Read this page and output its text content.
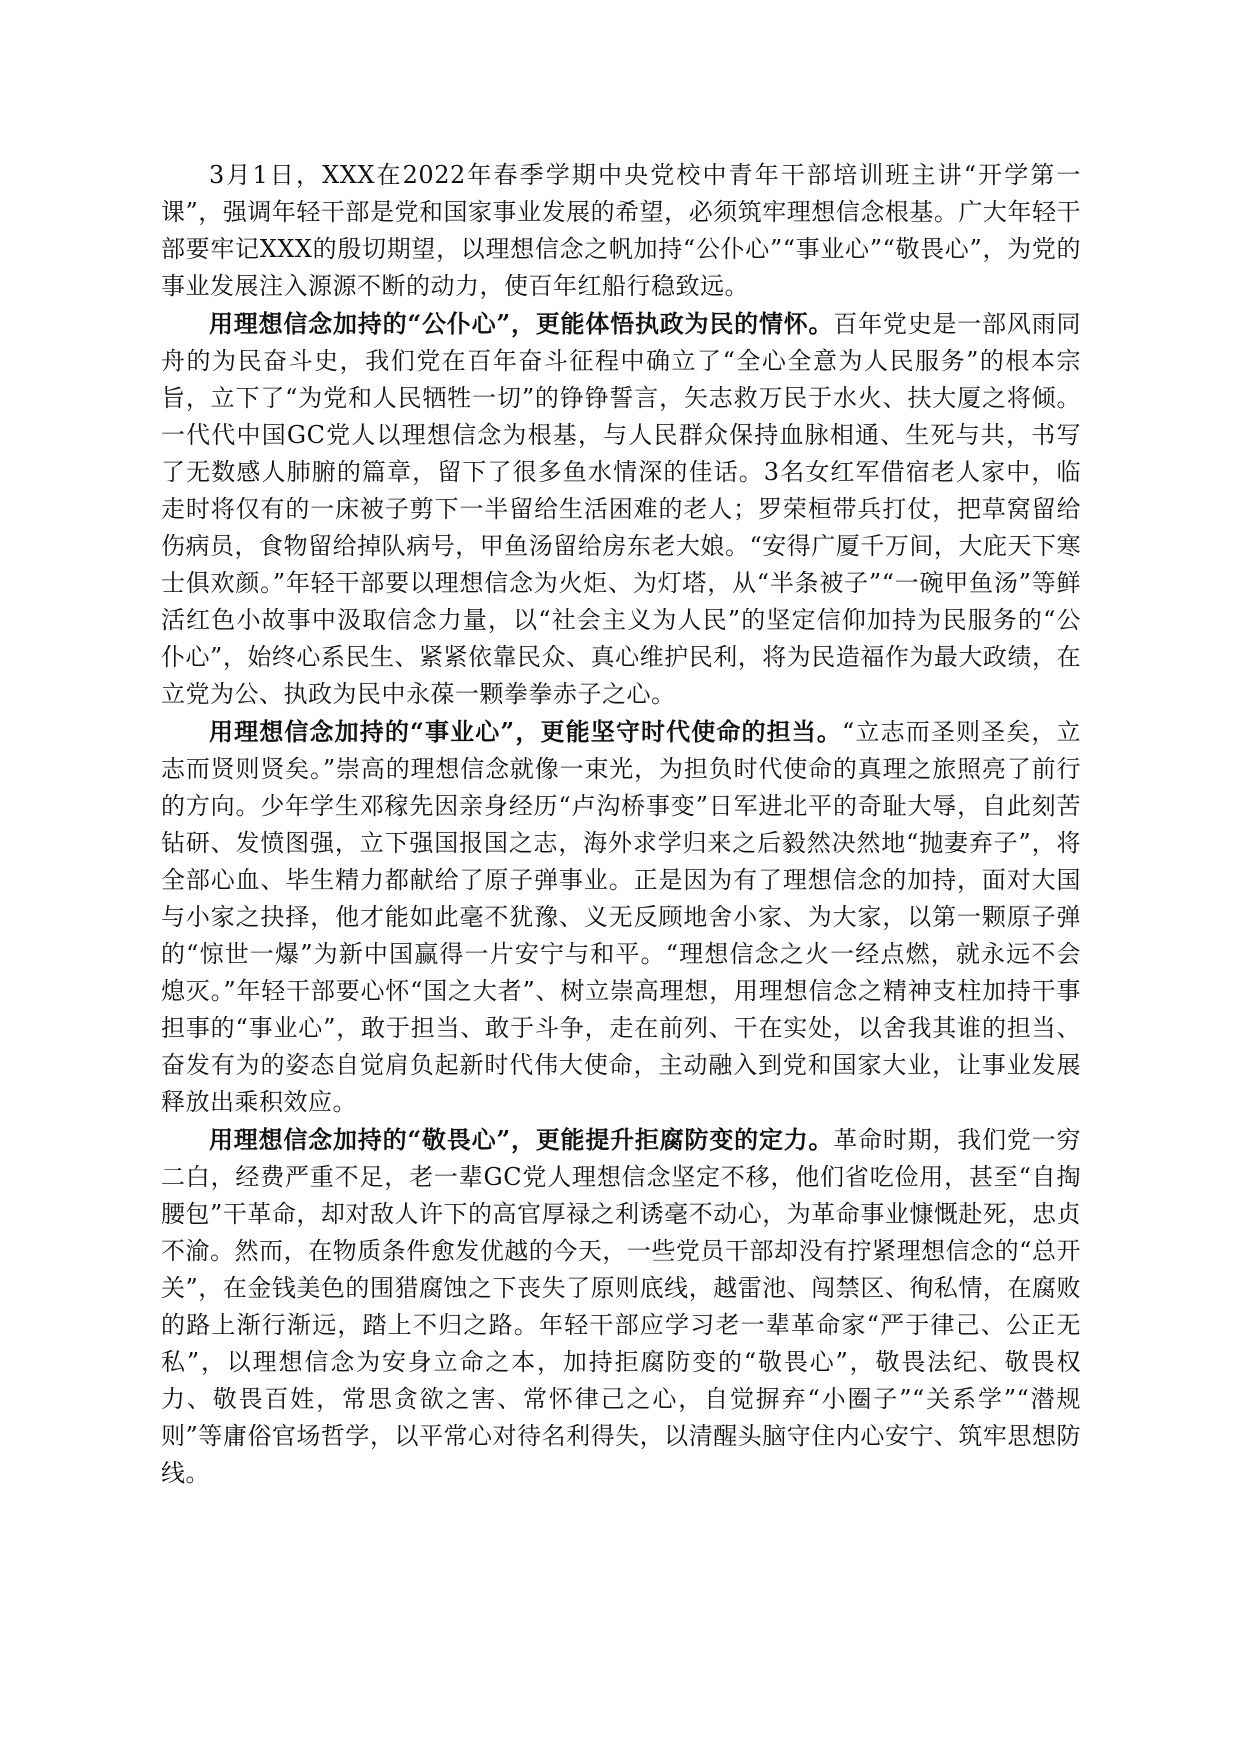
3月1日，XXX在2022年春季学期中央党校中青年干部培训班主讲“开学第一课”，强调年轻干部是党和国家事业发展的希望，必须筑牢理想信念根基。广大年轻干部要牢记XXX的殷切期望，以理想信念之帆加持“公仆心”“事业心”“敬畏心”，为党的事业发展注入源源不断的动力，使百年红船行稳致远。

用理想信念加持的“公仆心”，更能体悟执政为民的情怀。百年党史是一部风雨同舟的为民奋斗史，我们党在百年奋斗征程中确立了“全心全意为人民服务”的根本宗旨，立下了“为党和人民牺牲一切”的铮铮誓言，矢志救万民于水火、扶大厦之将倾。一代代中国GC党人以理想信念为根基，与人民群众保持血脉相通、生死与共，书写了无数感人肺腑的篇章，留下了很多鱼水情深的佳话。3名女红军借宿老人家中，临走时将仅有的一床被子剪下一半留给生活困难的老人；罗荣桓带兵打仗，把草窝留给伤病员，食物留给掉队病号，甲鱼汤留给房东老大娘。“安得广厦千万间，大庇天下寒士俱欢颜。”年轻干部要以理想信念为火炬、为灯塔，从“半条被子”“一碗甲鱼汤”等鲜活红色小故事中汲取信念力量，以“社会主义为人民”的坚定信仰加持为民服务的“公仆心”，始终心系民生、紧紧依靠民众、真心维护民利，将为民造福作为最大政绩，在立党为公、执政为民中永葆一颗拳拳赤子之心。

用理想信念加持的“事业心”，更能坚守时代使命的担当。“立志而圣则圣矣，立志而贤则贤矣。”崇高的理想信念就像一束光，为担负时代使命的真理之旅照亮了前行的方向。少年学生邓稼先因亲身经历“卢沟桥事变”日军进北平的奇耻大辱，自此刻苦钻研、发愤图强，立下强国报国之志，海外求学归来之后毅然决然地“抛妻弃子”，将全部心血、毕生精力都献给了原子弹事业。正是因为有了理想信念的加持，面对大国与小家之抉择，他才能如此毫不犹豫、义无反顾地舍小家、为大家，以第一颗原子弹的“惊世一爆”为新中国赢得一片安宁与和平。“理想信念之火一经点燃，就永远不会熄灭。”年轻干部要心怀“国之大者”、树立崇高理想，用理想信念之精神支柱加持干事担事的“事业心”，敢于担当、敢于斗争，走在前列、干在实处，以舍我其谁的担当、奋发有为的姿态自觉肩负起新时代伟大使命，主动融入到党和国家大业，让事业发展释放出乘积效应。

用理想信念加持的“敬畏心”，更能提升拒腐防变的定力。革命时期，我们党一穷二白，经费严重不足，老一辈GC党人理想信念坚定不移，他们省吃俭用，甚至“自掏腰包”干革命，却对敌人许下的高官厚禄之利诱毫不动心，为革命事业慷慨赴死，忠贞不渝。然而，在物质条件愈发优越的今天，一些党员干部却没有拧紧理想信念的“总开关”，在金钱美色的围猎腐蚀之下丧失了原则底线，越雷池、闯禁区、徇私情，在腐败的路上渐行渐远，踏上不归之路。年轻干部应学习老一辈革命家“严于律己、公正无私”，以理想信念为安身立命之本，加持拒腐防变的“敬畏心”，敬畏法纪、敬畏权力、敬畏百姓，常思贪欲之害、常怀律己之心，自觉摒弃“小圈子”“关系学”“潜规则”等庸俗官场哲学，以平常心对待名利得失，以清醒头脑守住内心安宁、筑牢思想防线。
